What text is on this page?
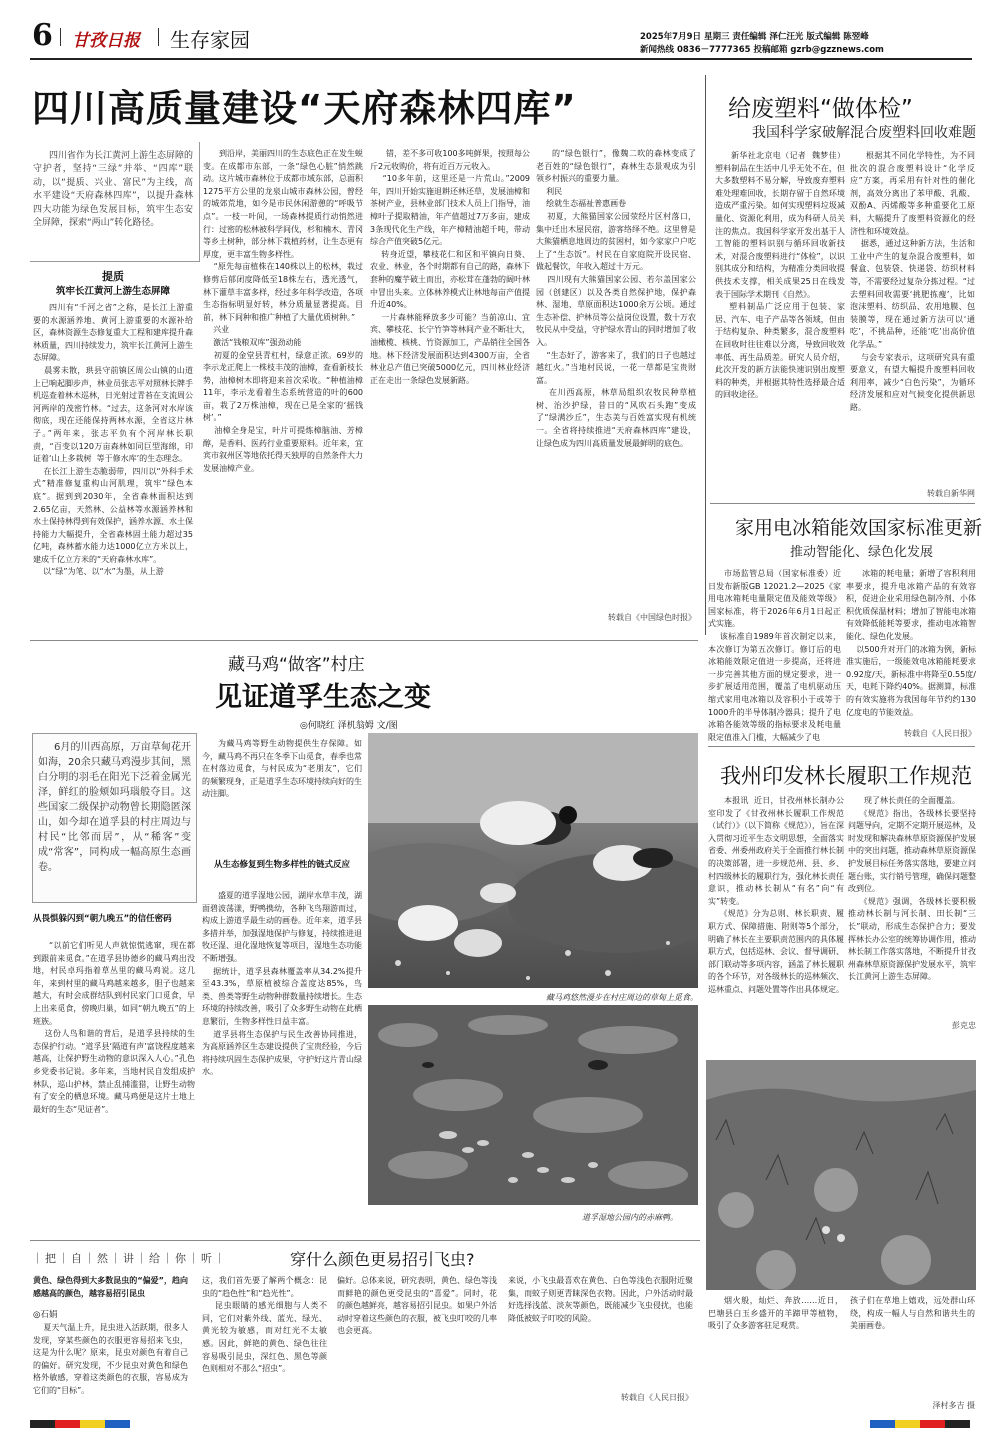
6 甘孜日报 生存家园	2025年7月9日 星期三 责任编辑 泽仁汪光 版式编辑 陈翌峰
新闻热线 0836－7777365 投稿邮箱 gzrb@gzznews.com
四川高质量建设“天府森林四库”
四川省作为长江黄河上游生态屏障的守护者，坚持“三绿”并举、“四库”联动，以“提质、兴业、富民”为主线，高水平建设“天府森林四库”，以提升森林四大功能为绿色发展目标，筑牢生态安全屏障，探索“两山”转化路径。
提质
筑牢长江黄河上游生态屏障
四川有“千河之省”之称，是长江上游重要的水源涵养地、黄河上游重要的水源补给区，森林资源生态修复重大工程和建库提升森林质量，四川持续发力，筑牢长江黄河上游生态屏障。
晨雾未散，珙县守前镇区周公山镇的山道上已响起脚步声，林业员张志平对照林长牌手机巡查着林木巡林，日光射过青苔在支流周公河两岸的茂密竹林。“过去，这条河对水岸该彻底，现在还能保持两林水源，全省这片林子。”两年来，张志平负有个河岸林长职责，“百变以120万亩森林如同巨型海绵，印证着‘山上多栽树  等于修水库’的生态理念。
在长江上游生态脆弱带，四川以“外科手术式”精准修复重构山河肌理，筑牢“绿色本底”。据到到2030年，全省森林面积达到2.65亿亩，天然林、公益林等水源涵养林和水土保持林得到有效保护，涵养水源、水土保持能力大幅提升，全省森林固土能力超过35亿吨，森林蓄水能力达1000亿立方米以上，建成千亿立方米的“天府森林水库”。
以“绿”为笔、以“水”为墨，从上游
到沿岸，美丽四川的生态底色正在发生蜕变。在成都市东部，一条“绿色心脏”悄然跳动。这片城市森林位于成都市域东部，总面积1275平方公里的龙泉山城市森林公园，曾经的城郊荒地，如今是市民休闲游憩的“呼吸节点”。一枝一叶间，一场森林提质行动悄然进行：过密的松林被科学间伐，杉和楠木、青冈等乡土树种，部分林下栽植药材，让生态更有厚度，更丰富生物多样性。
“原先每亩植株在140株以上的松林，栽过修剪后郁闭度降低至18株左右，透光透气，林下灌草丰富多样，经过多年科学改造，各项生态指标明显好转，林分质量显著提高。目前，林下间种和推广种植了大量优质树种。”
兴业
激活“钱粮双库”强劲动能
初夏的金堂县青杠村，绿意正浓。69岁的李示龙正爬上一株枝丰茂的油樟，查看新枝长势，油樟树木即将迎来首次采收。“种植油樟11年，李示龙看着生态系统营造的叶的600亩，栽了2万株油樟，现在已是全家的‘摇钱树’。”
油樟全身是宝，叶片可提炼樟脑油、芳樟醇，是香料、医药行业重要原料。近年来，宜宾市叙州区等地依托得天独厚的自然条件大力发展油樟产业。
错，差不多可收100多吨鲜果，按照每公斤2元收购价，将有近百万元收入。
“10多年前，这里还是一片荒山。”2009年，四川开始实施退耕还林还草，发展油樟和茶树产业，县林业部门技术人员上门指导，油樟叶子提取精油，年产值超过7万多亩，建成3条现代化生产线，年产樟精油超千吨，带动综合产值突破5亿元。
转身近望，攀枝花仁和区和平镇向日葵、农业、林业，各个时期都有自己的路，森林下套种的魔芋破土而出，亦松茸在蓬勃的阔叶林中冒出头来。立体林养模式让林地每亩产值提升近40%。
一片森林能释放多少可能？当前凉山、宜宾、攀枝花、长宁竹笋等林间产业不断壮大，油橄榄、核桃、竹资源加工，产品销往全国各地。林下经济发展面积达到4300万亩，全省林业总产值已突破5000亿元，四川林业经济正在走出一条绿色发展新路。
的“绿色银行”，像魏二吹的森林变成了老百姓的“绿色银行”，森林生态景观成为引领乡村振兴的重要力量。
利民
绘就生态福祉普惠画卷
初夏，大熊猫国家公园荥经片区村落口，集中迁出木屋民宿，游客络绎不绝。这里曾是大熊猫栖息地周边的贫困村，如今家家户户吃上了“生态饭”。村民在自家庭院开设民宿、做起餐饮，年收入超过十万元。
四川现有大熊猫国家公园、若尔盖国家公园（创建区）以及各类自然保护地，保护森林、湿地、草原面积达1000余万公顷。通过生态补偿、护林员等公益岗位设置，数十万农牧民从中受益，守护绿水青山的同时增加了收入。
“生态好了，游客来了，我们的日子也越过越红火。”当地村民说，一花一草都是宝贵财富。
在川西高原，林草局组织农牧民种草植树、治沙护绿，昔日的“风吹石头跑”变成了“绿满沙丘”，生态美与百姓富实现有机统一。全省将持续推进“天府森林四库”建设，让绿色成为四川高质量发展最鲜明的底色。
转载自《中国绿色时报》
给废塑料“做体检”
我国科学家破解混合废塑料回收难题
新华社北京电（记者  魏梦佳）塑料制品在生活中几乎无处不在，但大多数塑料不易分解，导致废弃塑料难处理难回收，长期存留于自然环境造成严重污染。如何实现塑料垃圾减量化、资源化利用，成为科研人员关注的焦点。我国科学家开发出基于人工智能的塑料识别与循环回收新技术，对混合废塑料进行“体检”，以识别其成分和结构，为精准分类回收提供技术支撑，相关成果25日在线发表于国际学术期刊《自然》。
塑料制品广泛应用于包装、家居、汽车、电子产品等各领域，但由于结构复杂、种类繁多，混合废塑料在回收时往往难以分离，导致回收效率低、再生品质差。研究人员介绍，此次开发的新方法能快速识别出废塑料的种类，并根据其特性选择最合适的回收途径。
根据其不同化学特性，为不同批次的混合废塑料设计“化学反应”方案，再采用有针对性的催化剂，高效分离出了苯甲酸、乳酸、双酚A、丙烯酸等多种重要化工原料，大幅提升了废塑料资源化的经济性和环境效益。
据悉，通过这种新方法，生活和工业中产生的复杂混合废塑料，如餐盒、包装袋、快递袋、纺织材料等，不需要经过复杂分拣过程。“过去塑料回收需要‘挑肥拣瘦’，比如泡沫塑料、纺织品、农用地膜、包装膜等，现在通过新方法可以‘通吃’，不挑品种，还能‘吃’出高价值化学品。”
与会专家表示，这项研究具有重要意义，有望大幅提升废塑料回收利用率，减少“白色污染”，为循环经济发展和应对气候变化提供新思路。
转载自新华网
家用电冰箱能效国家标准更新
推动智能化、绿色化发展
市场监管总局（国家标准委）近日发布新版GB 12021.2—2025《家用电冰箱耗电量限定值及能效等级》国家标准，将于2026年6月1日起正式实施。
该标准自1989年首次制定以来，本次修订为第五次修订。修订后的电冰箱能效限定值进一步提高，还将进一步完善其他方面的规定要求，进一步扩展适用范围，覆盖了电机驱动压缩式家用电冰箱以及容积小于或等于1000升的半导体制冷器具；提升了电冰箱各能效等级的指标要求及耗电量限定值准入门槛，大幅减少了电
冰箱的耗电量；新增了容积利用率要求，提升电冰箱产品的有效容积，促进企业采用绿色制冷剂、小体积优质保温材料；增加了智能电冰箱有效降低能耗等要求，推动电冰箱智能化、绿色化发展。
以500升对开门的冰箱为例，新标准实施后，一级能效电冰箱能耗要求0.92度/天，新标准中将降至0.55度/天，电耗下降约40%。据测算，标准的有效实施将为我国每年节约约130亿度电的节能效益。
转载自《人民日报》
我州印发林长履职工作规范
本报讯  近日，甘孜州林长制办公室印发了《甘孜州林长履职工作规范（试行）》（以下简称《规范》），旨在深入贯彻习近平生态文明思想，全面落实省委、州委州政府关于全面推行林长制的决策部署，进一步规范州、县、乡、村四级林长的履职行为，强化林长责任意识，推动林长制从“有名”向“有实”转变。
《规范》分为总则、林长职责、履职方式、保障措施、附则等5个部分，明确了林长在主要职责范围内的具体履职方式，包括巡林、会议、督导调研、部门联动等多项内容，涵盖了林长履职的各个环节，对各级林长的巡林频次、巡林重点、问题处置等作出具体规定。
现了林长责任的全面覆盖。
《规范》指出，各级林长要坚持问题导向，定期不定期开展巡林，及时发现和解决森林草原资源保护发展中的突出问题，推动森林草原资源保护发展目标任务落实落地，要建立问题台账，实行销号管理，确保问题整改到位。
《规范》强调，各级林长要积极推动林长制与河长制、田长制“三长”联动，形成生态保护合力；要发挥林长办公室的统筹协调作用，推动林长制工作落实落地，不断提升甘孜州森林草原资源保护发展水平，筑牢长江黄河上游生态屏障。
彭克忠
藏马鸡“做客”村庄
见证道孚生态之变
◎何晓红 泽机翁姆 文/图
6月的川西高原，万亩草甸花开如海，20余只藏马鸡漫步其间，黑白分明的羽毛在阳光下泛着金属光泽，鲜红的脸颊如玛瑙般夺目。这些国家二级保护动物曾长期隐匿深山，如今却在道孚县的村庄周边与村民“比邻而居”，从“稀客”变成“常客”，同构成一幅高原生态画卷。
从畏惧躲闪到“朝九晚五”的信任密码
“以前它们听见人声就惊慌逃窜，现在都到跟前来觅食。”在道孚县协德乡的藏马鸡出没地，村民卓玛指着草丛里的藏马鸡说。这几年，来到村里的藏马鸡越来越多，胆子也越来越大，有时会成群结队到村民家门口觅食，早上出来觅食，傍晚归巢，如同“朝九晚五”的上班族。
这份人鸟和谐的背后，是道孚县持续的生态保护行动。“道孚县‘隔道有声’富饶程度越来越高，让保护野生动物的意识深入人心。”孔色乡党委书记说。多年来，当地村民自发组成护林队，巡山护林，禁止乱捕滥猎，让野生动物有了安全的栖息环境。藏马鸡便是这片土地上最好的生态“见证者”。
为藏马鸡等野生动物提供生存保障。如今，藏马鸡不再只在冬季下山觅食，春季也常在村落边觅食，与村民成为“老朋友”，它们的频繁现身，正是道孚生态环境持续向好的生动注脚。
从生态修复到生物多样性的链式反应
盛夏的道孚湿地公园，湖岸水草丰茂，湖面碧波荡漾，野鸭携幼，各种飞鸟翔游而过，构成上游道孚最生动的画卷。近年来，道孚县多措并举，加强湿地保护与修复，持续推进退牧还湿、退化湿地恢复等项目，湿地生态功能不断增强。
据统计，道孚县森林覆盖率从34.2%提升至43.3%，草原植被综合盖度达85%，鸟类、兽类等野生动物种群数量持续增长。生态环境的持续改善，吸引了众多野生动物在此栖息繁衍，生物多样性日益丰富。
道孚县将生态保护与民生改善协同推进，为高原涵养区生态建设提供了宝贵经验，今后将持续巩固生态保护成果，守护好这片青山绿水。
藏马鸡悠然漫步在村庄周边的草甸上觅食。
道孚湿地公园内的赤麻鸭。
｜把｜自｜然｜讲｜给｜你｜听｜	穿什么颜色更易招引飞虫?
黄色、绿色得到大多数昆虫的“偏爱”，趋向感越高的颜色，越容易招引昆虫
◎石娟
夏天气温上升，昆虫进入活跃期，很多人发现，穿某些颜色的衣服更容易招来飞虫，这是为什么呢？原来，昆虫对颜色有着自己的偏好。研究发现，不少昆虫对黄色和绿色格外敏感，穿着这类颜色的衣服，容易成为它们的“目标”。
这，我们首先要了解两个概念：昆虫的“趋色性”和“趋光性”。
昆虫眼睛的感光细胞与人类不同，它们对紫外线、蓝光、绿光、黄光较为敏感，而对红光不太敏感。因此，鲜艳的黄色、绿色往往容易吸引昆虫，深红色、黑色等颜色则相对不那么“招虫”。
偏好。总体来说，研究表明，黄色、绿色等浅而鲜艳的颜色更受昆虫的“喜爱”。同时，花的颜色越鲜亮，越容易招引昆虫。如果户外活动时穿着这些颜色的衣服，被飞虫叮咬的几率也会更高。
来说，小飞虫最喜欢在黄色、白色等浅色衣服附近聚集，而蚊子则更青睐深色衣物。因此，户外活动时最好选择浅蓝、淡灰等颜色，既能减少飞虫侵扰，也能降低被蚊子叮咬的风险。
转载自《人民日报》
烟火般，灿烂、奔放……近日，巴塘县白玉乡盛开的羊蹄甲等植物，吸引了众多游客驻足观赏。
孩子们在草地上嬉戏，远处群山环绕，构成一幅人与自然和谐共生的美丽画卷。
泽村多吉 摄
